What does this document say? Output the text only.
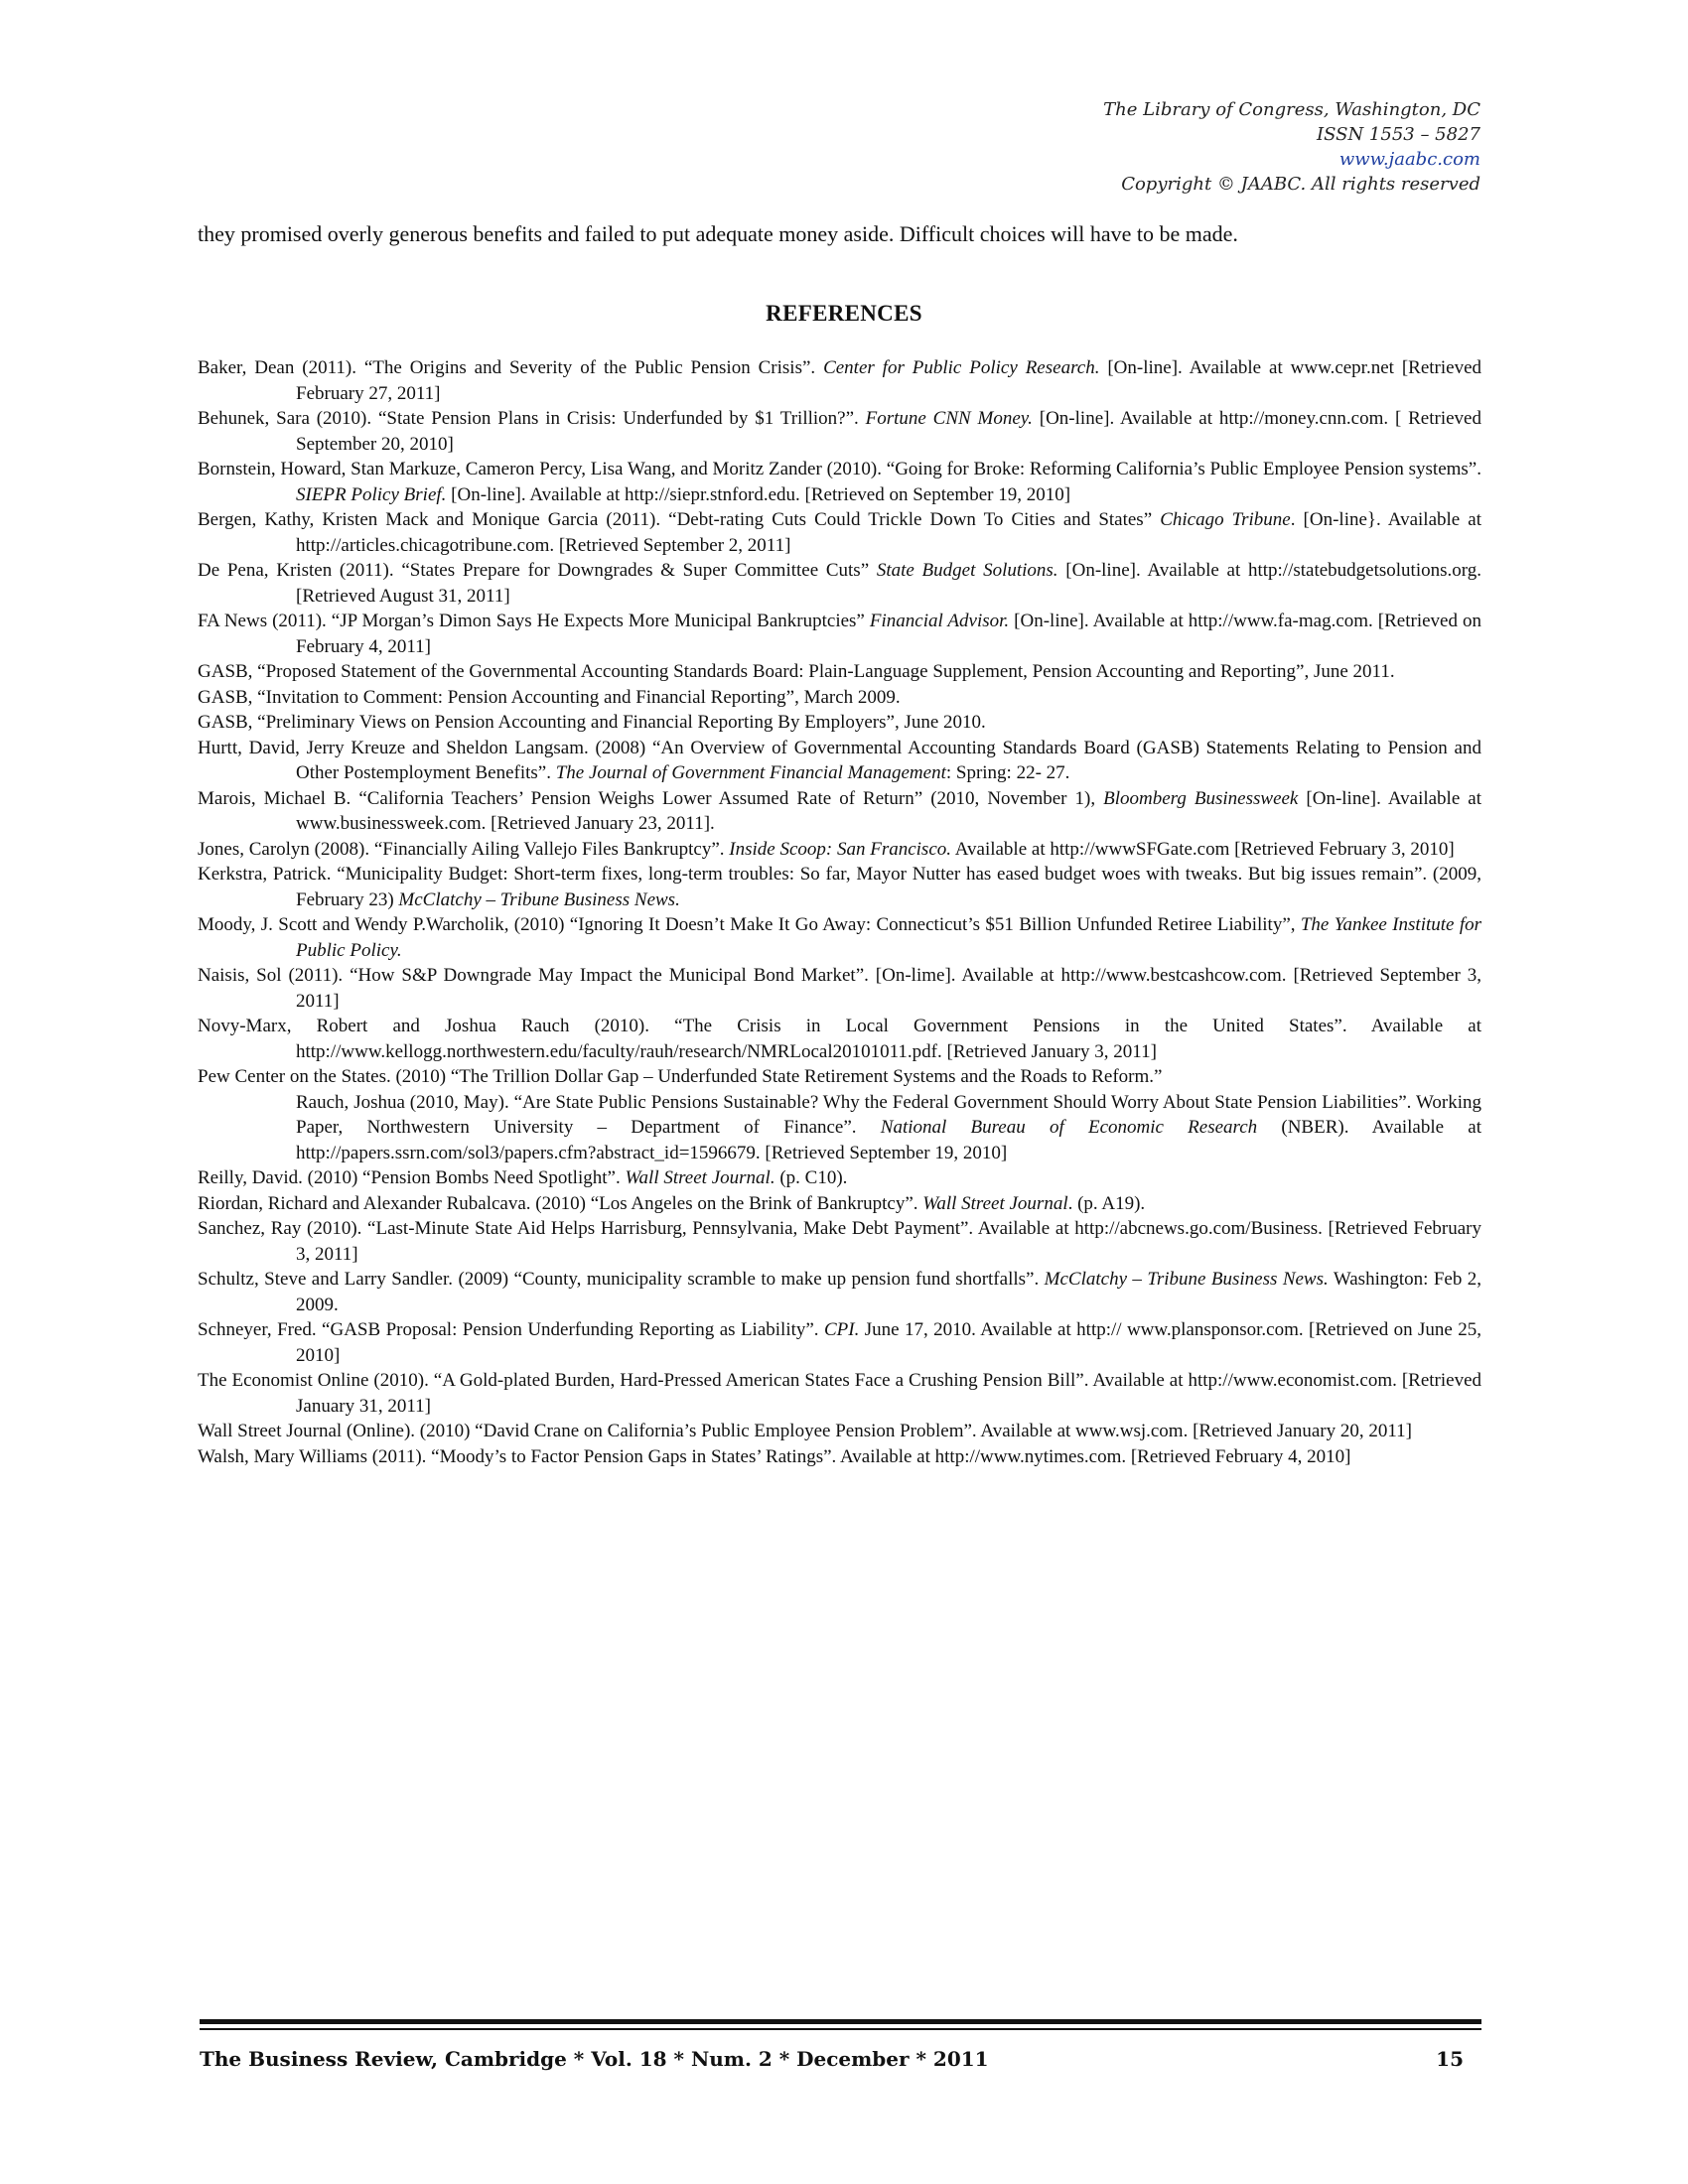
The Library of Congress, Washington, DC
ISSN 1553 – 5827
www.jaabc.com
Copyright © JAABC. All rights reserved

they promised overly generous benefits and failed to put adequate money aside. Difficult choices will have to be made.

REFERENCES

Baker, Dean (2011). “The Origins and Severity of the Public Pension Crisis”. Center for Public Policy Research. [On-line]. Available at www.cepr.net [Retrieved February 27, 2011]

Behunek, Sara (2010). “State Pension Plans in Crisis: Underfunded by $1 Trillion?”. Fortune CNN Money. [On-line]. Available at http://money.cnn.com. [ Retrieved September 20, 2010]

Bornstein, Howard, Stan Markuze, Cameron Percy, Lisa Wang, and Moritz Zander (2010). “Going for Broke: Reforming California’s Public Employee Pension systems”. SIEPR Policy Brief. [On-line]. Available at http://siepr.stnford.edu. [Retrieved on September 19, 2010]

Bergen, Kathy, Kristen Mack and Monique Garcia (2011). “Debt-rating Cuts Could Trickle Down To Cities and States” Chicago Tribune. [On-line}. Available at http://articles.chicagotribune.com. [Retrieved September 2, 2011]

De Pena, Kristen (2011). “States Prepare for Downgrades & Super Committee Cuts” State Budget Solutions. [On-line]. Available at http://statebudgetsolutions.org. [Retrieved August 31, 2011]

FA News (2011). “JP Morgan’s Dimon Says He Expects More Municipal Bankruptcies” Financial Advisor. [On-line]. Available at http://www.fa-mag.com. [Retrieved on February 4, 2011]

GASB, “Proposed Statement of the Governmental Accounting Standards Board: Plain-Language Supplement, Pension Accounting and Reporting”, June 2011.

GASB, “Invitation to Comment: Pension Accounting and Financial Reporting”, March 2009.

GASB, “Preliminary Views on Pension Accounting and Financial Reporting By Employers”, June 2010.

Hurtt, David, Jerry Kreuze and Sheldon Langsam. (2008) “An Overview of Governmental Accounting Standards Board (GASB) Statements Relating to Pension and Other Postemployment Benefits”. The Journal of Government Financial Management: Spring: 22- 27.

Marois, Michael B. “California Teachers’ Pension Weighs Lower Assumed Rate of Return” (2010, November 1), Bloomberg Businessweek [On-line]. Available at www.businessweek.com. [Retrieved January 23, 2011].

Jones, Carolyn (2008). “Financially Ailing Vallejo Files Bankruptcy”. Inside Scoop: San Francisco. Available at http://wwwSFGate.com [Retrieved February 3, 2010]

Kerkstra, Patrick. “Municipality Budget: Short-term fixes, long-term troubles: So far, Mayor Nutter has eased budget woes with tweaks. But big issues remain”. (2009, February 23) McClatchy – Tribune Business News.

Moody, J. Scott and Wendy P.Warcholik, (2010) “Ignoring It Doesn’t Make It Go Away: Connecticut’s $51 Billion Unfunded Retiree Liability”, The Yankee Institute for Public Policy.

Naisis, Sol (2011). “How S&P Downgrade May Impact the Municipal Bond Market”. [On-lime]. Available at http://www.bestcashcow.com. [Retrieved September 3, 2011]

Novy-Marx, Robert and Joshua Rauch (2010). “The Crisis in Local Government Pensions in the United States”. Available at http://www.kellogg.northwestern.edu/faculty/rauh/research/NMRLocal20101011.pdf. [Retrieved January 3, 2011]

Pew Center on the States. (2010) “The Trillion Dollar Gap – Underfunded State Retirement Systems and the Roads to Reform.”

Rauch, Joshua (2010, May). “Are State Public Pensions Sustainable? Why the Federal Government Should Worry About State Pension Liabilities”. Working Paper, Northwestern University – Department of Finance”. National Bureau of Economic Research (NBER). Available at http://papers.ssrn.com/sol3/papers.cfm?abstract_id=1596679. [Retrieved September 19, 2010]

Reilly, David. (2010) “Pension Bombs Need Spotlight”. Wall Street Journal. (p. C10).

Riordan, Richard and Alexander Rubalcava. (2010) “Los Angeles on the Brink of Bankruptcy”. Wall Street Journal. (p. A19).

Sanchez, Ray (2010). “Last-Minute State Aid Helps Harrisburg, Pennsylvania, Make Debt Payment”. Available at http://abcnews.go.com/Business. [Retrieved February 3, 2011]

Schultz, Steve and Larry Sandler. (2009) “County, municipality scramble to make up pension fund shortfalls”. McClatchy – Tribune Business News. Washington: Feb 2, 2009.

Schneyer, Fred. “GASB Proposal: Pension Underfunding Reporting as Liability”. CPI. June 17, 2010. Available at http:// www.plansponsor.com. [Retrieved on June 25, 2010]

The Economist Online (2010). “A Gold-plated Burden, Hard-Pressed American States Face a Crushing Pension Bill”. Available at http://www.economist.com. [Retrieved January 31, 2011]

Wall Street Journal (Online). (2010) “David Crane on California’s Public Employee Pension Problem”. Available at www.wsj.com. [Retrieved January 20, 2011]

Walsh, Mary Williams (2011). “Moody’s to Factor Pension Gaps in States’ Ratings”. Available at http://www.nytimes.com. [Retrieved February 4, 2010]

The Business Review, Cambridge * Vol. 18 * Num. 2 * December * 2011	15
